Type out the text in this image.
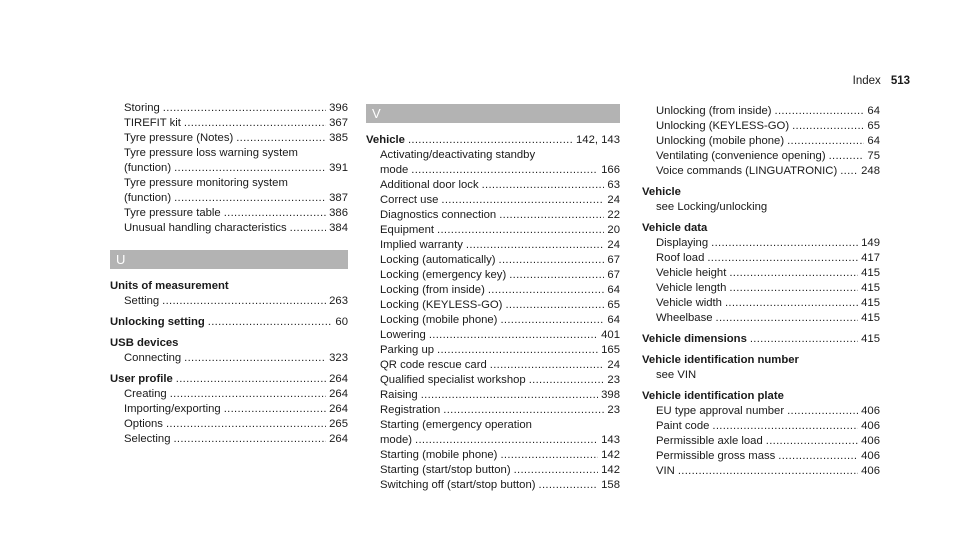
Index 513
Storing .....	396
TIREFIT kit .....	367
Tyre pressure (Notes) .....	385
Tyre pressure loss warning system
(function) .....	391
Tyre pressure monitoring system
(function) .....	387
Tyre pressure table .....	386
Unusual handling characteristics .....	384
U
Units of measurement
Setting .....	263
Unlocking setting .....	60
USB devices
Connecting .....	323
User profile .....	264
Creating .....	264
Importing/exporting .....	264
Options .....	265
Selecting .....	264
V
Vehicle .....	142, 143
Activating/deactivating standby
mode .....	166
Additional door lock .....	63
Correct use .....	24
Diagnostics connection .....	22
Equipment .....	20
Implied warranty .....	24
Locking (automatically) .....	67
Locking (emergency key) .....	67
Locking (from inside) .....	64
Locking (KEYLESS-GO) .....	65
Locking (mobile phone) .....	64
Lowering .....	401
Parking up .....	165
QR code rescue card .....	24
Qualified specialist workshop .....	23
Raising .....	398
Registration .....	23
Starting (emergency operation
mode) .....	143
Starting (mobile phone) .....	142
Starting (start/stop button) .....	142
Switching off (start/stop button) .....	158
Unlocking (from inside) .....	64
Unlocking (KEYLESS-GO) .....	65
Unlocking (mobile phone) .....	64
Ventilating (convenience opening) .....	75
Voice commands (LINGUATRONIC) ..... 248
Vehicle
see Locking/unlocking
Vehicle data
Displaying .....	149
Roof load .....	417
Vehicle height .....	415
Vehicle length .....	415
Vehicle width .....	415
Wheelbase .....	415
Vehicle dimensions .....	415
Vehicle identification number
see VIN
Vehicle identification plate
EU type approval number .....	406
Paint code .....	406
Permissible axle load .....	406
Permissible gross mass .....	406
VIN .....	406
